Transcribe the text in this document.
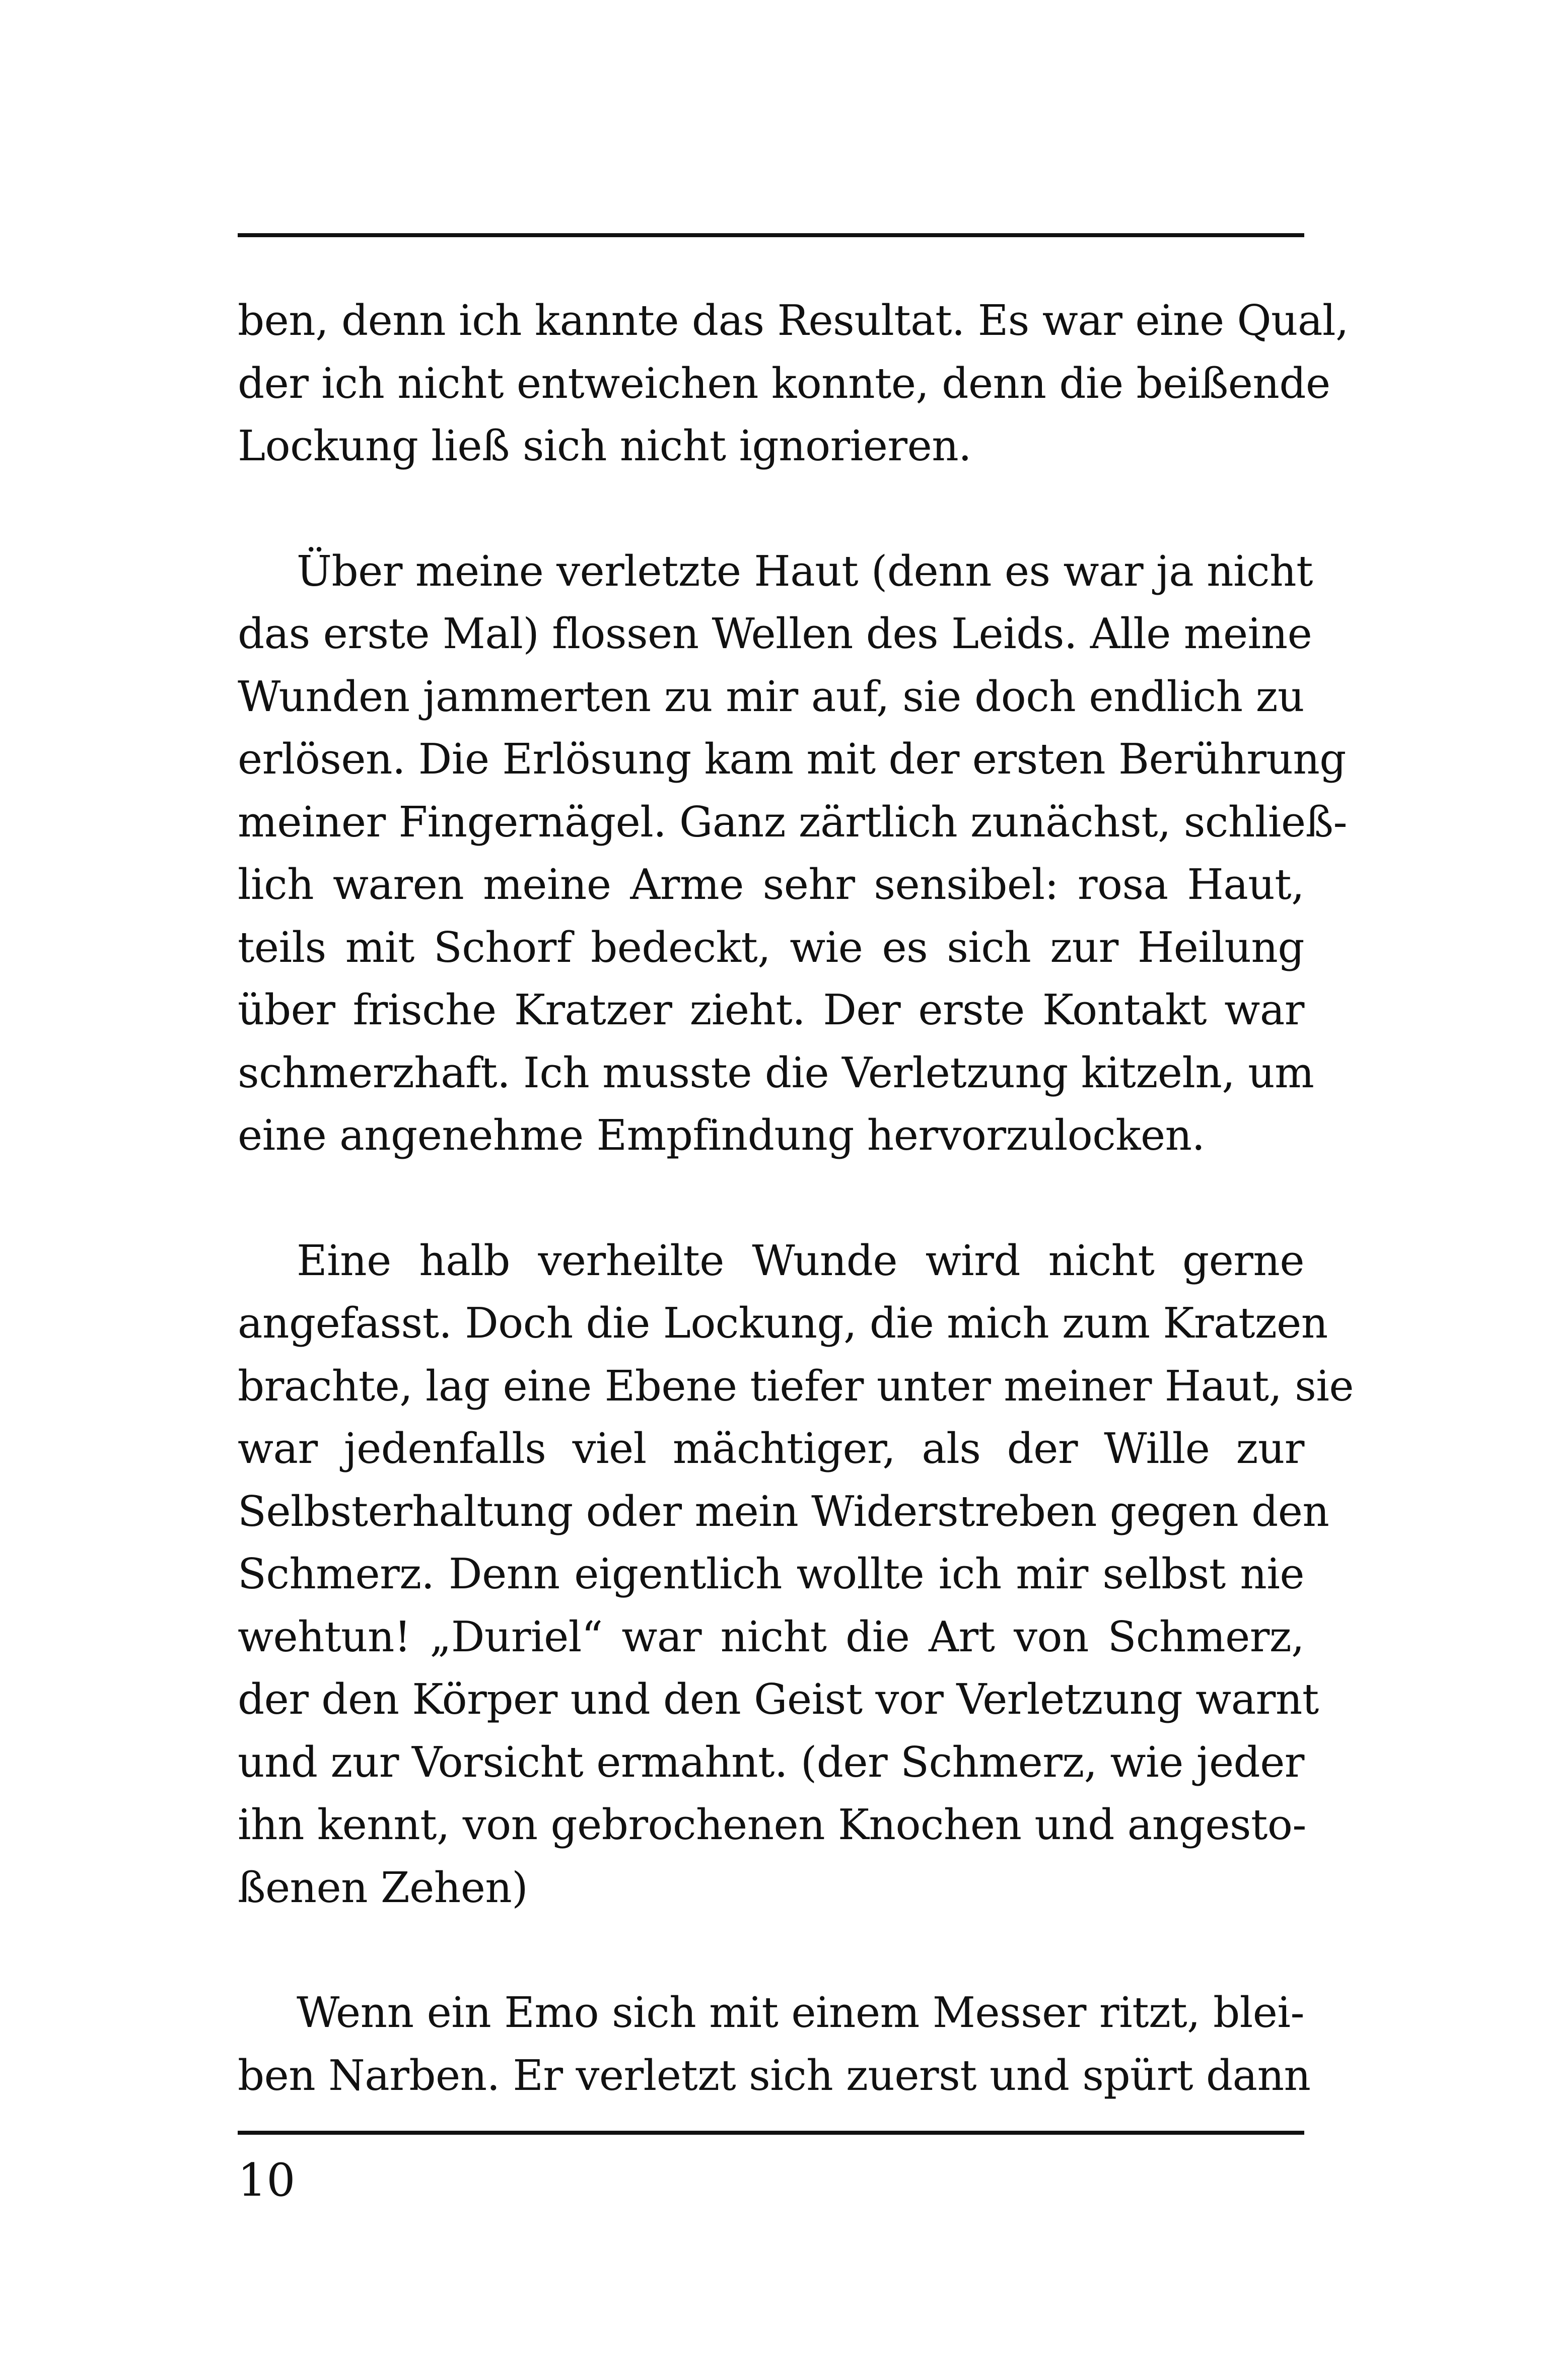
ben, denn ich kannte das Resultat. Es war eine Qual,
der ich nicht entweichen konnte, denn die beißende
Lockung ließ sich nicht ignorieren.

Über meine verletzte Haut (denn es war ja nicht
das erste Mal) flossen Wellen des Leids. Alle meine
Wunden jammerten zu mir auf, sie doch endlich zu
erlösen. Die Erlösung kam mit der ersten Berührung
meiner Fingernägel. Ganz zärtlich zunächst, schließ-
lich waren meine Arme sehr sensibel: rosa Haut,
teils mit Schorf bedeckt, wie es sich zur Heilung
über frische Kratzer zieht. Der erste Kontakt war
schmerzhaft. Ich musste die Verletzung kitzeln, um
eine angenehme Empfindung hervorzulocken.

Eine halb verheilte Wunde wird nicht gerne
angefasst. Doch die Lockung, die mich zum Kratzen
brachte, lag eine Ebene tiefer unter meiner Haut, sie
war jedenfalls viel mächtiger, als der Wille zur
Selbsterhaltung oder mein Widerstreben gegen den
Schmerz. Denn eigentlich wollte ich mir selbst nie
wehtun! „Duriel“ war nicht die Art von Schmerz,
der den Körper und den Geist vor Verletzung warnt
und zur Vorsicht ermahnt. (der Schmerz, wie jeder
ihn kennt, von gebrochenen Knochen und angesto-
ßenen Zehen)

Wenn ein Emo sich mit einem Messer ritzt, blei-
ben Narben. Er verletzt sich zuerst und spürt dann

10
